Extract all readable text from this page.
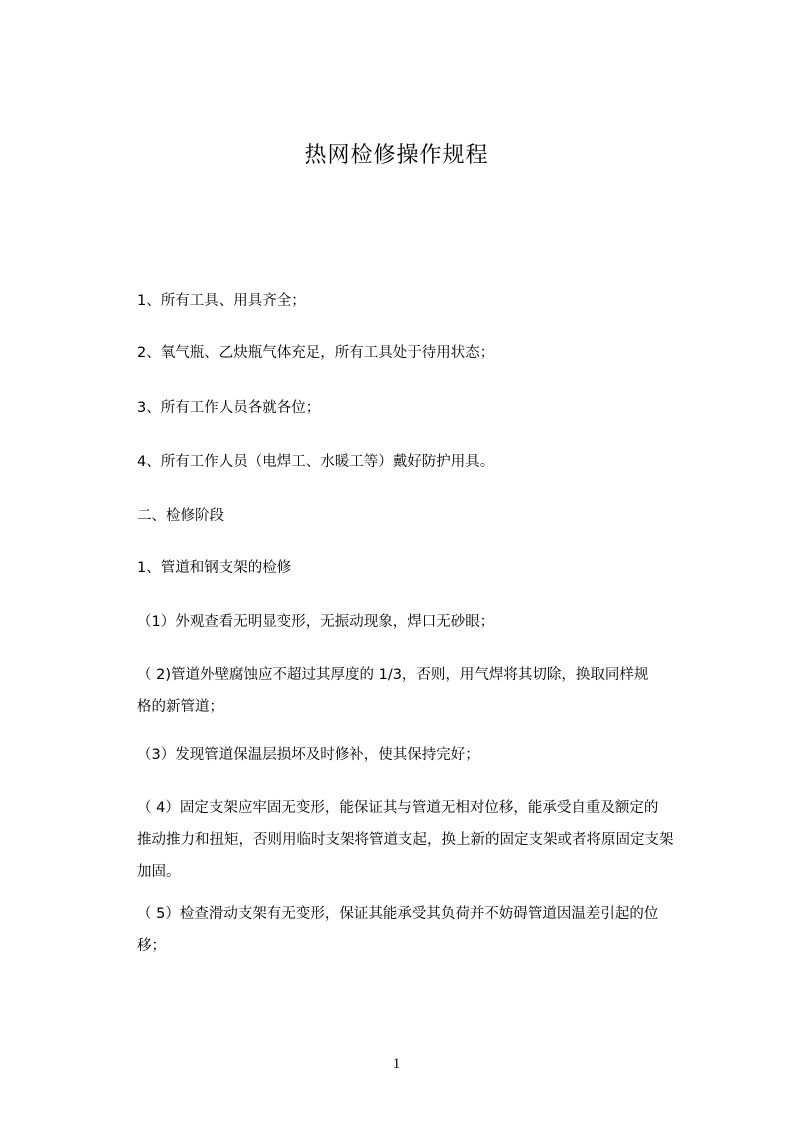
热网检修操作规程
1、所有工具、用具齐全；
2、氧气瓶、乙炔瓶气体充足，所有工具处于待用状态；
3、所有工作人员各就各位；
4、所有工作人员（电焊工、水暖工等）戴好防护用具。
二、检修阶段
1、管道和钢支架的检修
（1）外观查看无明显变形，无振动现象，焊口无砂眼；
（ 2)管道外壁腐蚀应不超过其厚度的 1/3，否则，用气焊将其切除，换取同样规
格的新管道；
（3）发现管道保温层损坏及时修补，使其保持完好；
（ 4）固定支架应牢固无变形，能保证其与管道无相对位移，能承受自重及额定的
推动推力和扭矩，否则用临时支架将管道支起，换上新的固定支架或者将原固定支架
加固。
（ 5）检查滑动支架有无变形，保证其能承受其负荷并不妨碍管道因温差引起的位
移；
1
